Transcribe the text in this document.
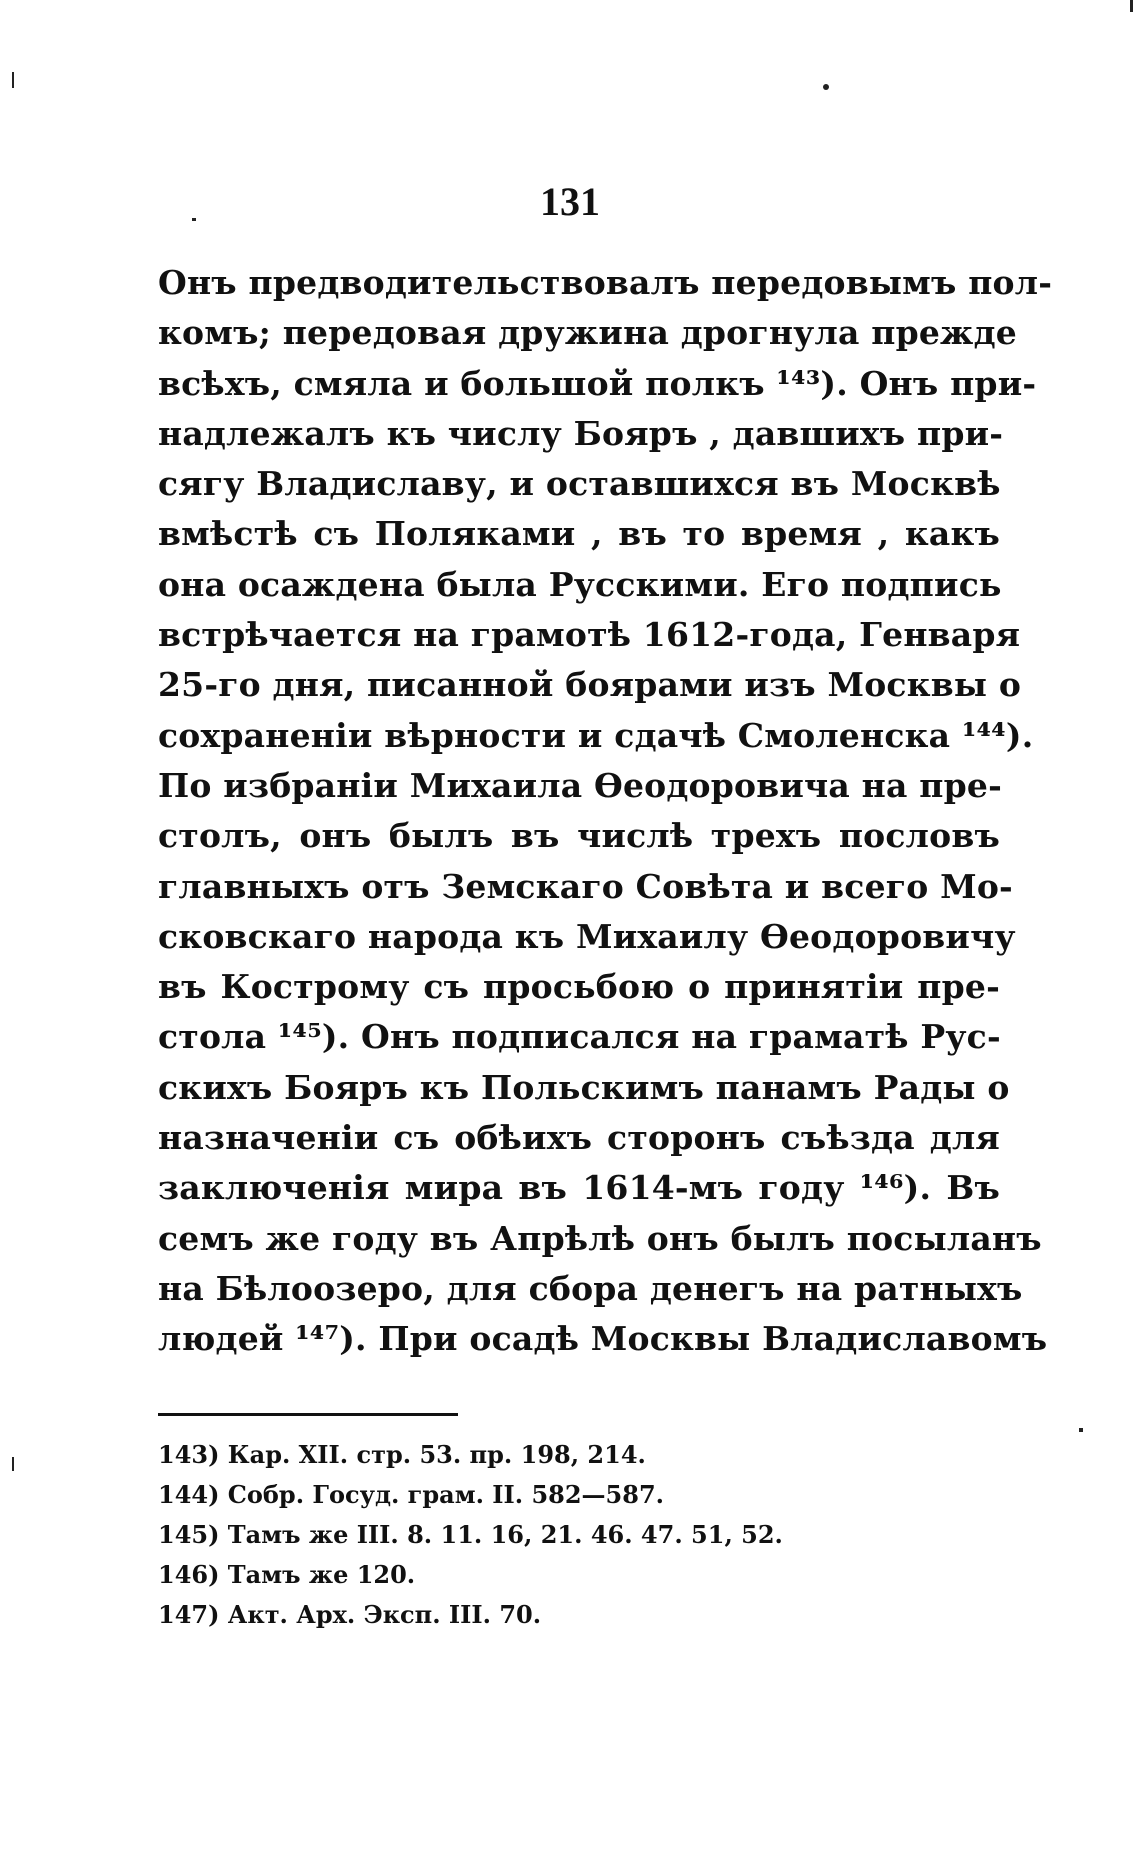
131
Онъ предводительствовалъ передовымъ пол-
комъ; передовая дружина дрогнула прежде
всѣхъ, смяла и большой полкъ ¹⁴³). Онъ при-
надлежалъ къ числу Бояръ , давшихъ при-
сягу Владиславу, и оставшихся въ Москвѣ
вмѣстѣ съ Поляками , въ то время , какъ
она осаждена была Русскими. Его подпись
встрѣчается на грамотѣ 1612-года, Генваря
25-го дня, писанной боярами изъ Москвы о
сохраненіи вѣрности и сдачѣ Смоленска ¹⁴⁴).
По избраніи Михаила Ѳеодоровича на пре-
столъ, онъ былъ въ числѣ трехъ пословъ
главныхъ отъ Земскаго Совѣта и всего Мо-
сковскаго народа къ Михаилу Ѳеодоровичу
въ Кострому съ просьбою о принятіи пре-
стола ¹⁴⁵). Онъ подписался на граматѣ Рус-
скихъ Бояръ къ Польскимъ панамъ Рады о
назначеніи съ обѣихъ сторонъ съѣзда для
заключенія мира въ 1614-мъ году ¹⁴⁶). Въ
семъ же году въ Апрѣлѣ онъ былъ посыланъ
на Бѣлоозеро, для сбора денегъ на ратныхъ
людей ¹⁴⁷). При осадѣ Москвы Владиславомъ
143) Кар. XII. стр. 53. пр. 198, 214.
144) Собр. Госуд. грам. II. 582—587.
145) Тамъ же III. 8. 11. 16, 21. 46. 47. 51, 52.
146) Тамъ же 120.
147) Акт. Арх. Экcп. III. 70.
